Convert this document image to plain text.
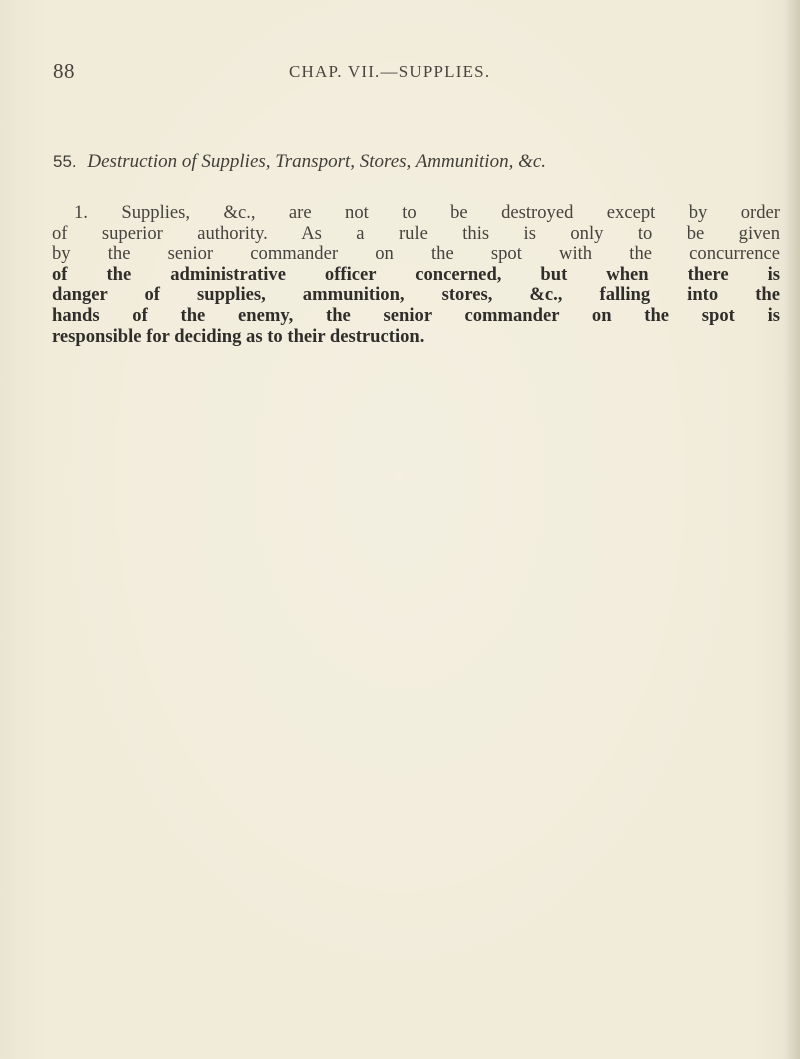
88	CHAP. VII.—SUPPLIES.
55. Destruction of Supplies, Transport, Stores, Ammunition, &c.

1. Supplies, &c., are not to be destroyed except by order
of superior authority. As a rule this is only to be given
by the senior commander on the spot with the concurrence
of the administrative officer concerned, but when there is
danger of supplies, ammunition, stores, &c., falling into the
hands of the enemy, the senior commander on the spot is
responsible for deciding as to their destruction.
